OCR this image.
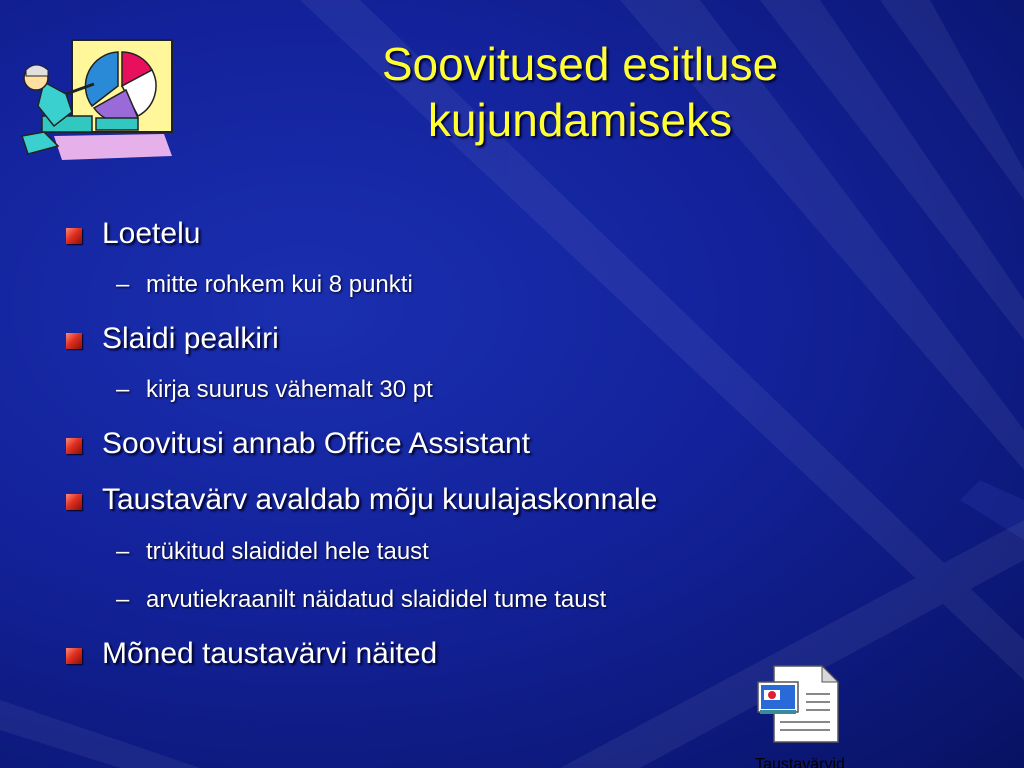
Soovitused esitluse
kujundamiseks
Loetelu
– mitte rohkem kui 8 punkti
Slaidi pealkiri
– kirja suurus vähemalt 30 pt
Soovitusi annab Office Assistant
Taustavärv avaldab mõju kuulajaskonnale
– trükitud slaididel hele taust
– arvutiekraanilt näidatud slaididel tume taust
Mõned taustavärvi näited
Taustavärvid
